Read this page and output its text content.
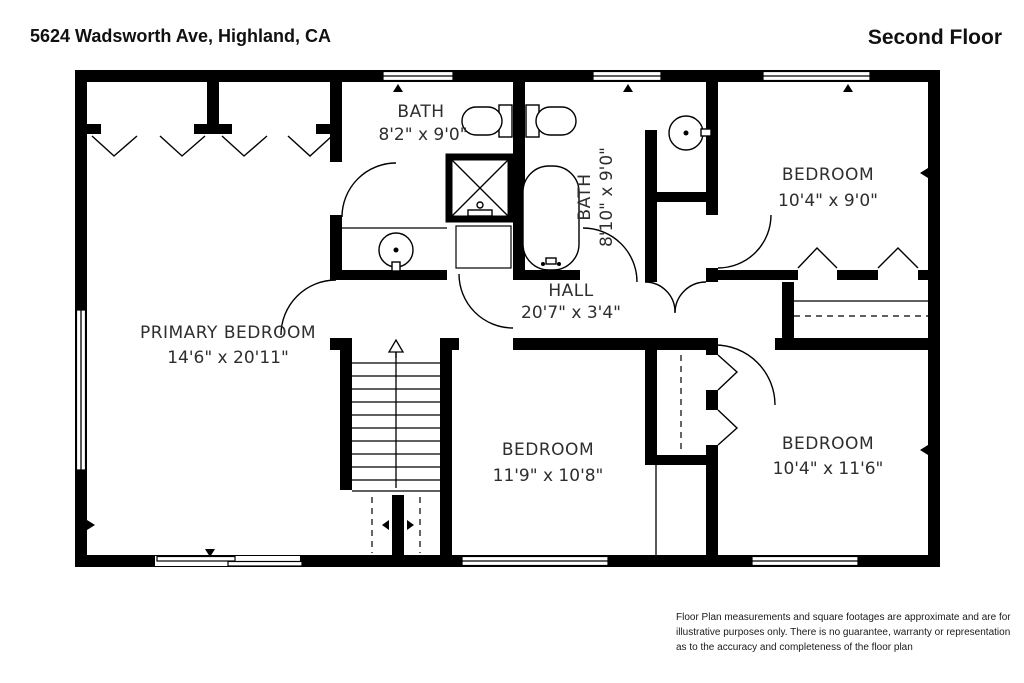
5624 Wadsworth Ave, Highland, CA	Second Floor
BATH
8'2" x 9'0"
BATH 8'10" x 9'0"	BEDROOM
10'4" x 9'0"
PRIMARY BEDROOM
14'6" x 20'11"
HALL
20'7" x 3'4"
BEDROOM
11'9" x 10'8"
BEDROOM
10'4" x 11'6"
Floor Plan measurements and square footages are approximate and are for
illustrative purposes only. There is no guarantee, warranty or representation
as to the accuracy and completeness of the floor plan
